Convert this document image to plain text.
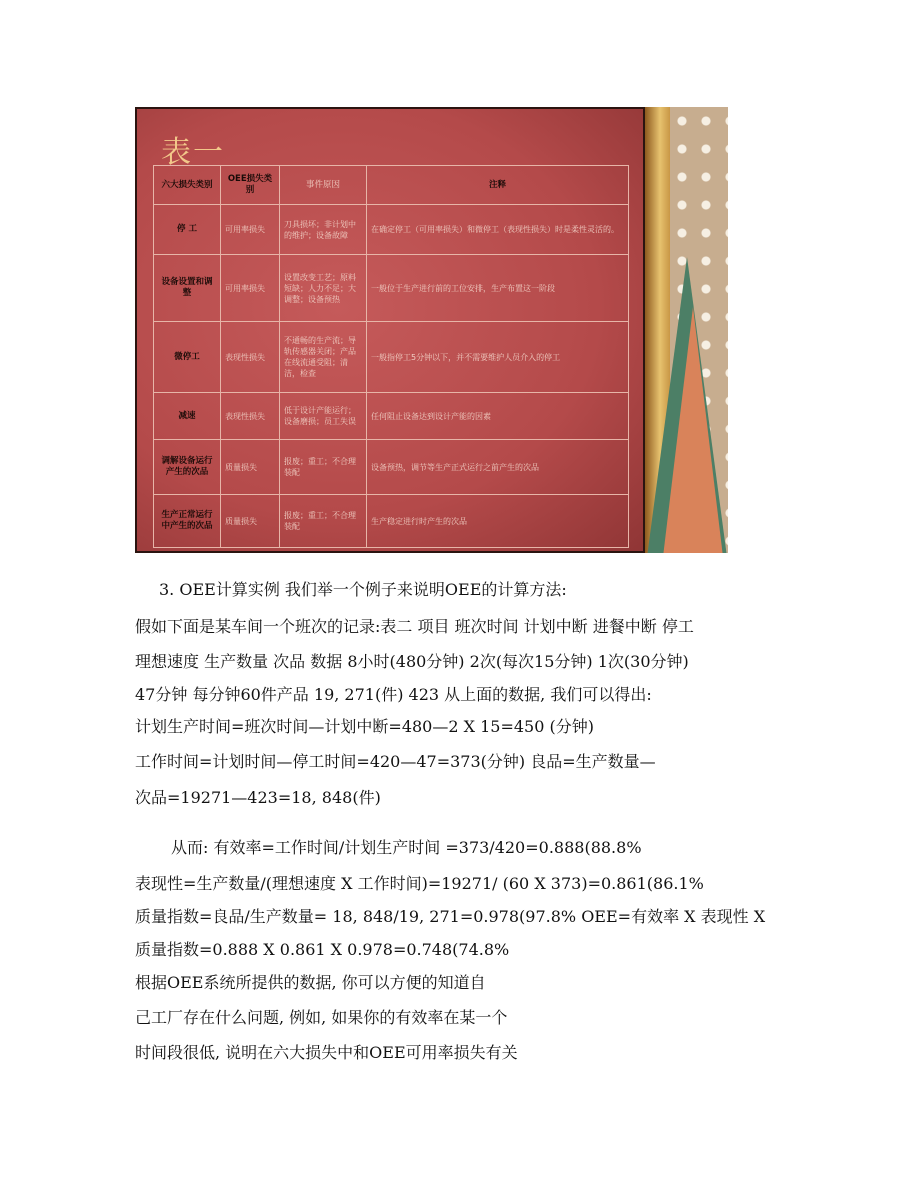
表一
六大损失类别	OEE损失类别	事件原因	注释
停 工	可用率损失	刀具损坏；非计划中的维护；设备故障	在确定停工（可用率损失）和微停工（表现性损失）时是柔性灵活的。
设备设置和调整	可用率损失	设置改变工艺；原料短缺；人力不足；大调整；设备预热	一般位于生产进行前的工位安排，生产布置这一阶段
微停工	表现性损失	不通畅的生产流；导轨传感器关闭；产品在线流通受阻；清洁，检查	一般指停工5分钟以下，并不需要维护人员介入的停工
减速	表现性损失	低于设计产能运行；设备磨损；员工失误	任何阻止设备达到设计产能的因素
调解设备运行产生的次品	质量损失	报废；重工；不合理装配	设备预热，调节等生产正式运行之前产生的次品
生产正常运行中产生的次品	质量损失	报废；重工；不合理装配	生产稳定进行时产生的次品
3. OEE计算实例 我们举一个例子来说明OEE的计算方法:
假如下面是某车间一个班次的记录:表二 项目 班次时间 计划中断 进餐中断 停工
理想速度 生产数量 次品 数据 8小时(480分钟) 2次(每次15分钟) 1次(30分钟)
47分钟 每分钟60件产品 19, 271(件) 423 从上面的数据, 我们可以得出:
计划生产时间=班次时间—计划中断=480—2 X 15=450 (分钟)
工作时间=计划时间—停工时间=420—47=373(分钟) 良品=生产数量—
次品=19271—423=18, 848(件)
从而: 有效率=工作时间/计划生产时间 =373/420=0.888(88.8%
表现性=生产数量/(理想速度 X 工作时间)=19271/ (60 X 373)=0.861(86.1%
质量指数=良品/生产数量= 18, 848/19, 271=0.978(97.8% OEE=有效率 X 表现性 X
质量指数=0.888 X 0.861 X 0.978=0.748(74.8%
根据OEE系统所提供的数据, 你可以方便的知道自
己工厂存在什么问题, 例如, 如果你的有效率在某一个
时间段很低, 说明在六大损失中和OEE可用率损失有关
